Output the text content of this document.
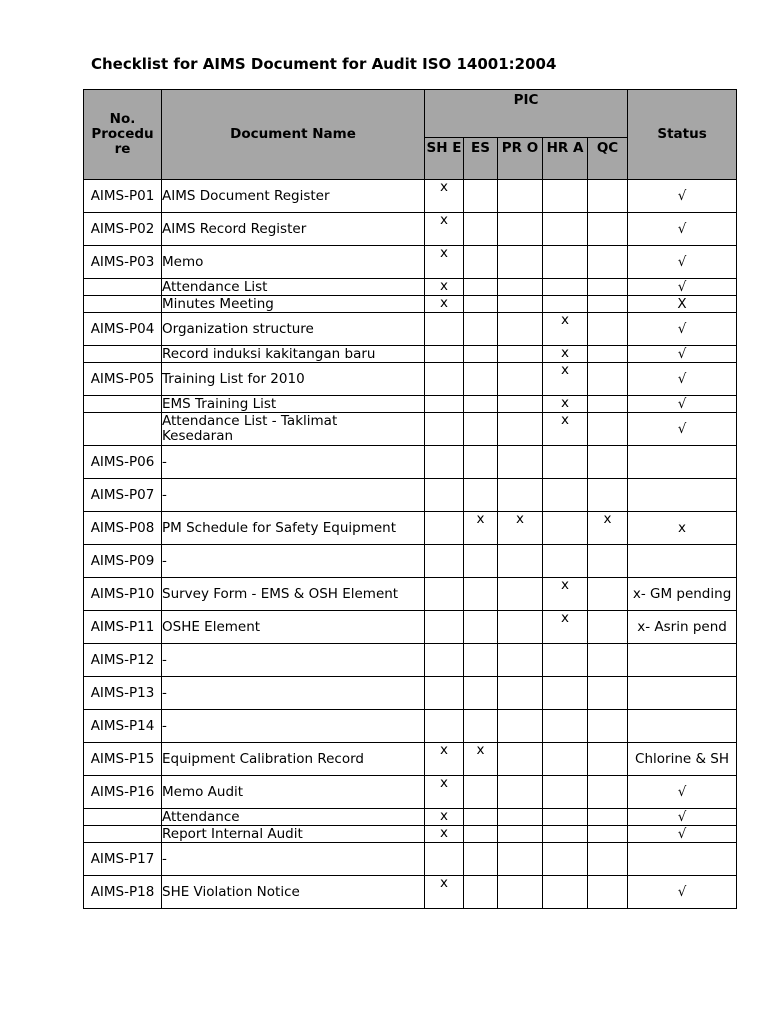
Checklist for AIMS Document for Audit ISO 14001:2004
No. Procedu re	Document Name	PIC					Status
		SH E	ES	PR O	HR A	QC	
AIMS-P01	AIMS Document Register	x					√
AIMS-P02	AIMS Record Register	x					√
AIMS-P03	Memo	x					√
	Attendance List	x					√
	Minutes Meeting	x					X
AIMS-P04	Organization structure				x		√
	Record induksi kakitangan baru				x		√
AIMS-P05	Training List for 2010				x		√
	EMS Training List				x		√
	Attendance List - Taklimat
Kesedaran				x		√
AIMS-P06	-						
AIMS-P07	-						
AIMS-P08	PM Schedule for Safety Equipment		x	x		x	x
AIMS-P09	-						
AIMS-P10	Survey Form - EMS & OSH Element				x		x- GM pending
AIMS-P11	OSHE Element				x		x- Asrin pend
AIMS-P12	-						
AIMS-P13	-						
AIMS-P14	-						
AIMS-P15	Equipment Calibration Record	x	x				Chlorine & SH
AIMS-P16	Memo Audit	x					√
	Attendance	x					√
	Report Internal Audit	x					√
AIMS-P17	-						
AIMS-P18	SHE Violation Notice	x					√
